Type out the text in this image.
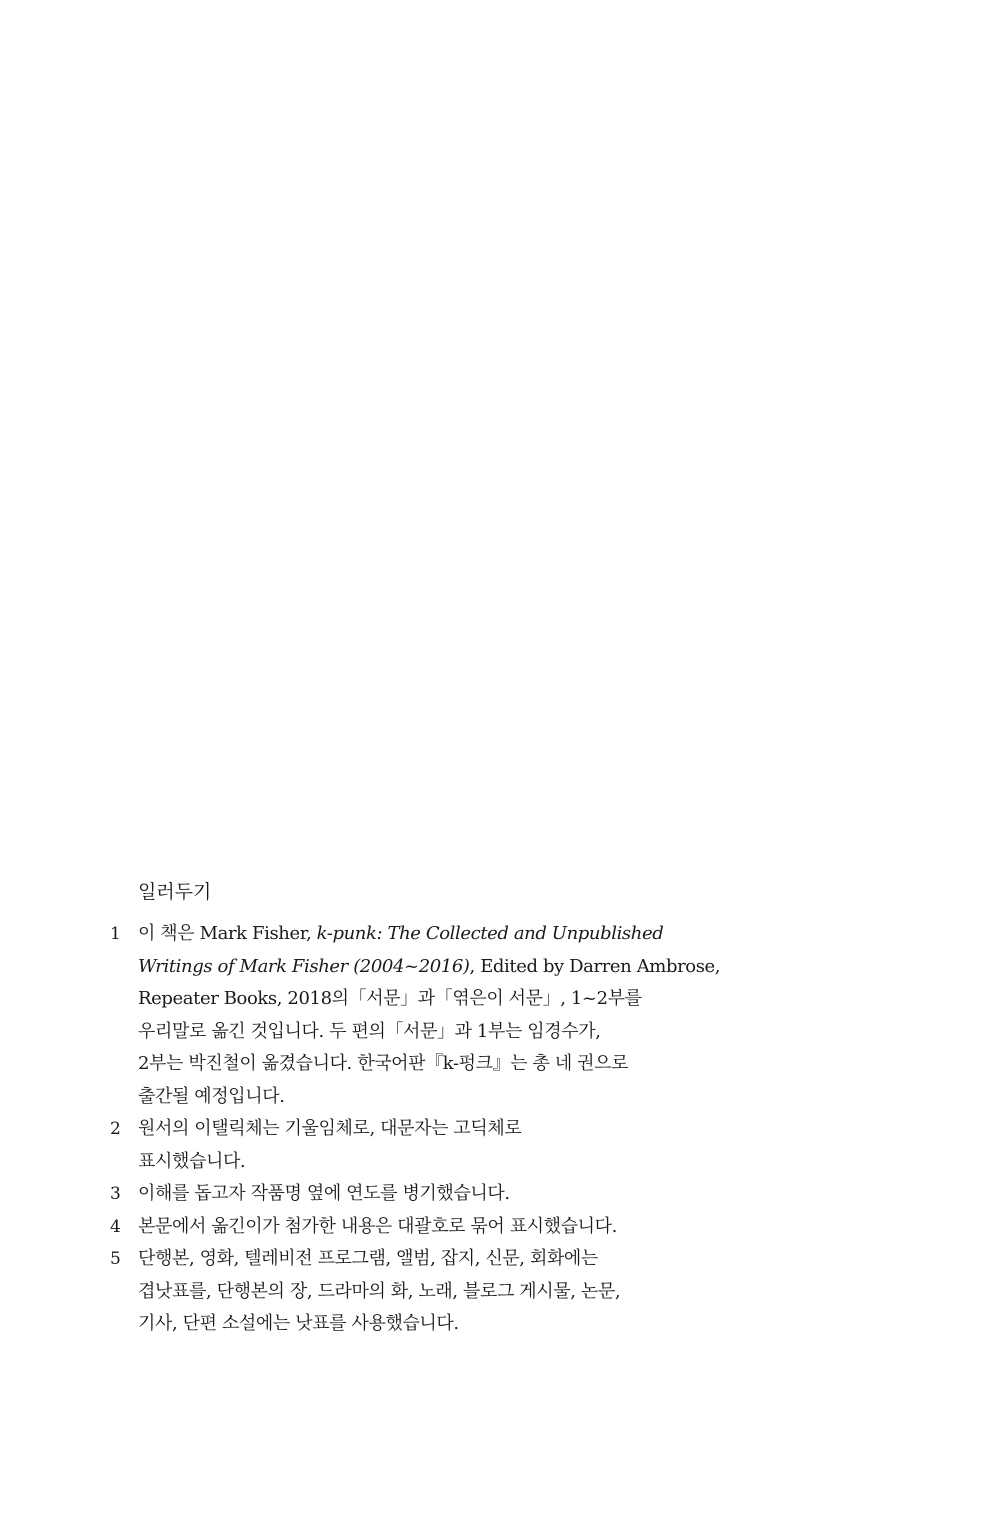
일러두기
1 이 책은 Mark Fisher, k-punk: The Collected and Unpublished
Writings of Mark Fisher (2004~2016), Edited by Darren Ambrose,
Repeater Books, 2018의「서문」과「엮은이 서문」, 1~2부를
우리말로 옮긴 것입니다. 두 편의「서문」과 1부는 임경수가,
2부는 박진철이 옮겼습니다. 한국어판『k-펑크』는 총 네 권으로
출간될 예정입니다.
2 원서의 이탤릭체는 기울임체로, 대문자는 고딕체로
표시했습니다.
3 이해를 돕고자 작품명 옆에 연도를 병기했습니다.
4 본문에서 옮긴이가 첨가한 내용은 대괄호로 묶어 표시했습니다.
5 단행본, 영화, 텔레비전 프로그램, 앨범, 잡지, 신문, 회화에는
겹낫표를, 단행본의 장, 드라마의 화, 노래, 블로그 게시물, 논문,
기사, 단편 소설에는 낫표를 사용했습니다.
